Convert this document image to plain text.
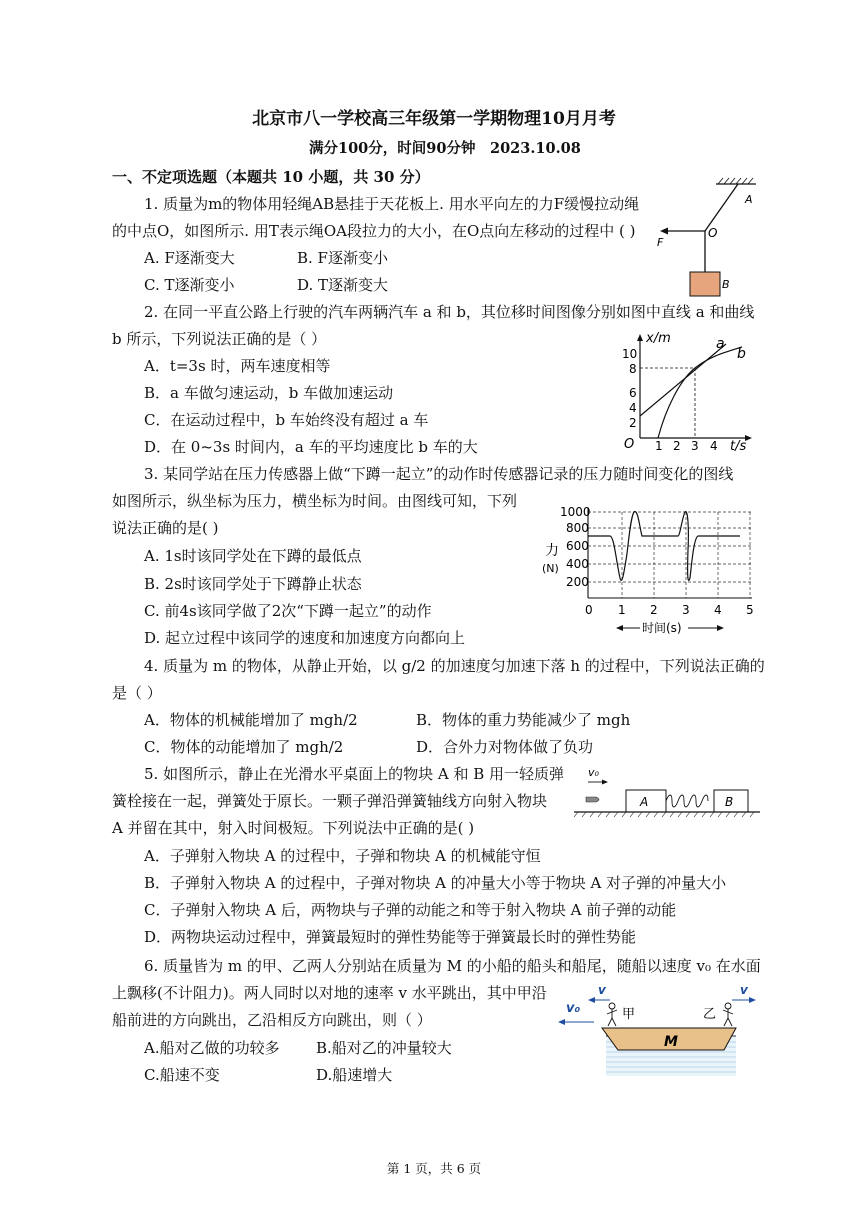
北京市八一学校高三年级第一学期物理10月月考
满分100分，时间90分钟 2023.10.08
一、不定项选题（本题共 10 小题，共 30 分）
1. 质量为m的物体用轻绳AB悬挂于天花板上. 用水平向左的力F缓慢拉动绳
的中点O，如图所示. 用T表示绳OA段拉力的大小，在O点向左移动的过程中 ( )
A. F逐渐变大	B. F逐渐变小
C. T逐渐变小	D. T逐渐变大
A
O
F
B
2. 在同一平直公路上行驶的汽车两辆汽车 a 和 b，其位移时间图像分别如图中直线 a 和曲线
b 所示，下列说法正确的是（ ）
A．t=3s 时，两车速度相等
B．a 车做匀速运动，b 车做加速运动
C．在运动过程中，b 车始终没有超过 a 车
D．在 0~3s 时间内，a 车的平均速度比 b 车的大
x/m
t/s
O
2
4
6
8
10
1 2 3 4
a
b
3. 某同学站在压力传感器上做“下蹲一起立”的动作时传感器记录的压力随时间变化的图线
如图所示，纵坐标为压力，横坐标为时间。由图线可知，下列
说法正确的是( )
A. 1s时该同学处在下蹲的最低点
B. 2s时该同学处于下蹲静止状态
C. 前4s该同学做了2次“下蹲一起立”的动作
D. 起立过程中该同学的速度和加速度方向都向上
1000
800
600
400
200
力
(N)
0 1 2 3 4 5
时间(s)
4. 质量为 m 的物体，从静止开始，以 g/2 的加速度匀加速下落 h 的过程中，下列说法正确的
是（ ）
A．物体的机械能增加了 mgh/2	B．物体的重力势能减少了 mgh
C．物体的动能增加了 mgh/2	D．合外力对物体做了负功
5. 如图所示，静止在光滑水平桌面上的物块 A 和 B 用一轻质弹
簧栓接在一起，弹簧处于原长。一颗子弹沿弹簧轴线方向射入物块
A 并留在其中，射入时间极短。下列说法中正确的是( )
A．子弹射入物块 A 的过程中，子弹和物块 A 的机械能守恒
B．子弹射入物块 A 的过程中，子弹对物块 A 的冲量大小等于物块 A 对子弹的冲量大小
C．子弹射入物块 A 后，两物块与子弹的动能之和等于射入物块 A 前子弹的动能
D．两物块运动过程中，弹簧最短时的弹性势能等于弹簧最长时的弹性势能
v₀
A	B
6. 质量皆为 m 的甲、乙两人分别站在质量为 M 的小船的船头和船尾，随船以速度 v₀ 在水面
上飘移(不计阻力)。两人同时以对地的速率 v 水平跳出，其中甲沿
船前进的方向跳出，乙沿相反方向跳出，则（ ）
A.船对乙做的功较多 B.船对乙的冲量较大
C.船速不变	D.船速增大
M
甲	乙
v₀
v	v
第 1 页，共 6 页
